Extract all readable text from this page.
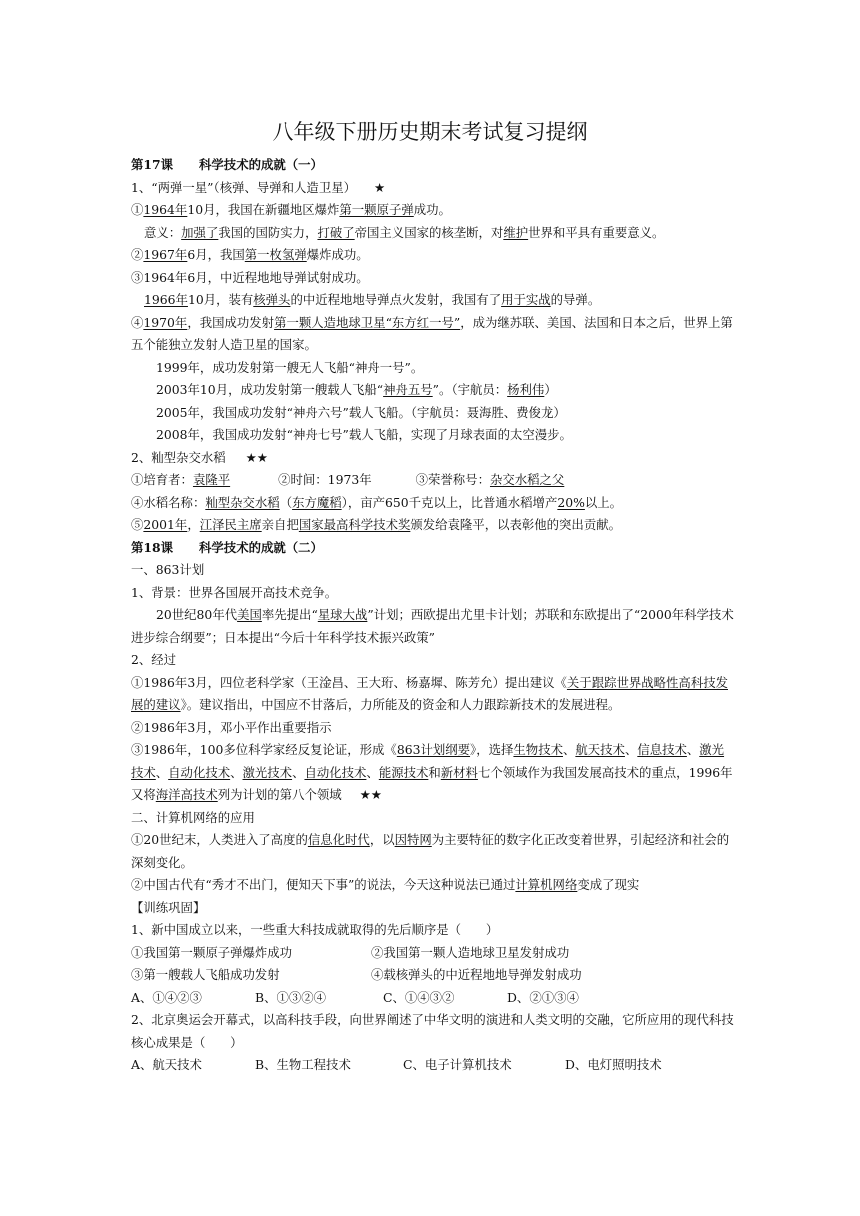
八年级下册历史期末考试复习提纲
第17课 科学技术的成就（一）
1、“两弹一星”（核弹、导弹和人造卫星） ★
①1964年10月，我国在新疆地区爆炸第一颗原子弹成功。
意义：加强了我国的国防实力，打破了帝国主义国家的核垄断，对维护世界和平具有重要意义。
②1967年6月，我国第一枚氢弹爆炸成功。
③1964年6月，中近程地地导弹试射成功。
1966年10月，装有核弹头的中近程地地导弹点火发射，我国有了用于实战的导弹。
④1970年，我国成功发射第一颗人造地球卫星“东方红一号”，成为继苏联、美国、法国和日本之后，世界上第五个能独立发射人造卫星的国家。
1999年，成功发射第一艘无人飞船“神舟一号”。
2003年10月，成功发射第一艘载人飞船“神舟五号”。（宇航员：杨利伟）
2005年，我国成功发射“神舟六号”载人飞船。（宇航员：聂海胜、费俊龙）
2008年，我国成功发射“神舟七号”载人飞船，实现了月球表面的太空漫步。
2、籼型杂交水稻 ★★
①培育者：袁隆平	②时间：1973年	③荣誉称号：杂交水稻之父
④水稻名称：籼型杂交水稻（东方魔稻），亩产650千克以上，比普通水稻增产20%以上。
⑤2001年，江泽民主席亲自把国家最高科学技术奖颁发给袁隆平，以表彰他的突出贡献。
第18课 科学技术的成就（二）
一、863计划
1、背景：世界各国展开高技术竞争。
20世纪80年代美国率先提出“星球大战”计划；西欧提出尤里卡计划；苏联和东欧提出了“2000年科学技术进步综合纲要”；日本提出“今后十年科学技术振兴政策”
2、经过
①1986年3月，四位老科学家（王淦昌、王大珩、杨嘉墀、陈芳允）提出建议《关于跟踪世界战略性高科技发展的建议》。建议指出，中国应不甘落后，力所能及的资金和人力跟踪新技术的发展进程。
②1986年3月，邓小平作出重要指示
③1986年，100多位科学家经反复论证，形成《863计划纲要》，选择生物技术、航天技术、信息技术、激光技术、自动化技术、激光技术、自动化技术、能源技术和新材料七个领域作为我国发展高技术的重点，1996年又将海洋高技术列为计划的第八个领域 ★★
二、计算机网络的应用
①20世纪末，人类进入了高度的信息化时代，以因特网为主要特征的数字化正改变着世界，引起经济和社会的深刻变化。
②中国古代有“秀才不出门，便知天下事”的说法，今天这种说法已通过计算机网络变成了现实
【训练巩固】
1、新中国成立以来，一些重大科技成就取得的先后顺序是（　　）
①我国第一颗原子弹爆炸成功	②我国第一颗人造地球卫星发射成功
③第一艘载人飞船成功发射	④载核弹头的中近程地地导弹发射成功
A、①④②③	B、①③②④	C、①④③②	D、②①③④
2、北京奥运会开幕式，以高科技手段，向世界阐述了中华文明的演进和人类文明的交融，它所应用的现代科技核心成果是（　　）
A、航天技术	B、生物工程技术	C、电子计算机技术	D、电灯照明技术
